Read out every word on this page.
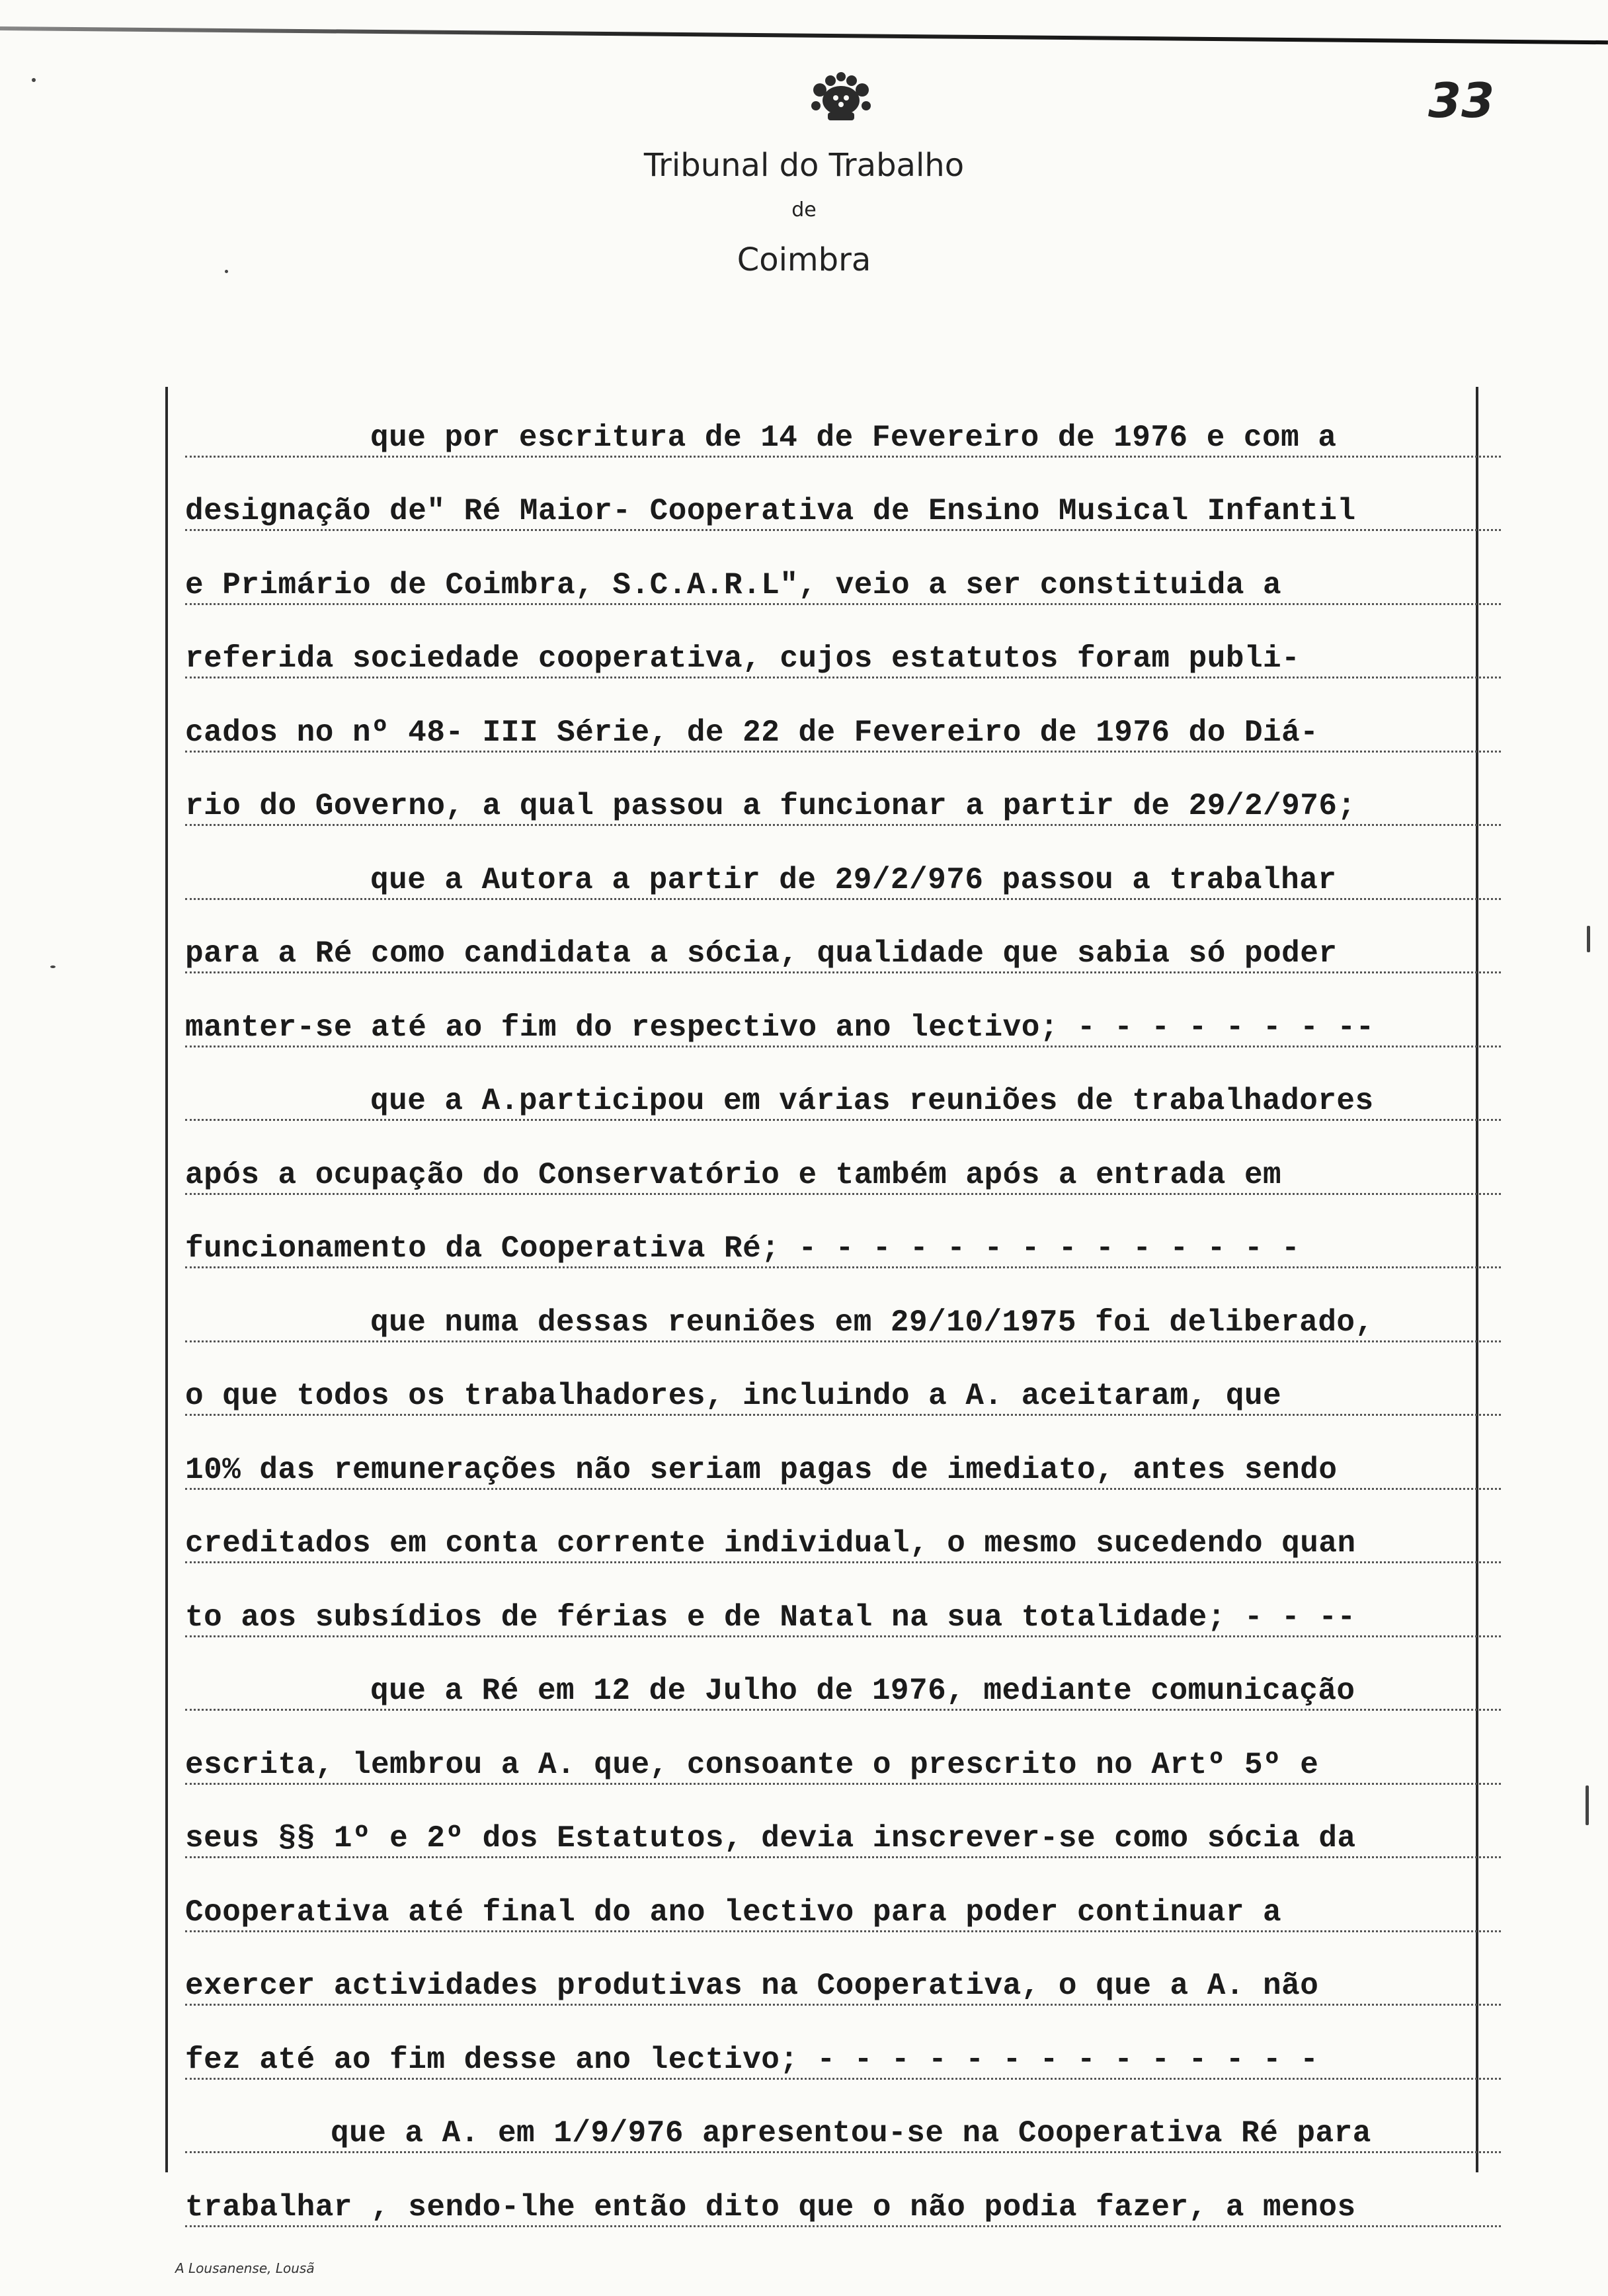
33
Tribunal do Trabalho
de
Coimbra
que por escritura de 14 de Fevereiro de 1976 e com a
designação de" Ré Maior- Cooperativa de Ensino Musical Infantil
e Primário de Coimbra, S.C.A.R.L", veio a ser constituida a
referida sociedade cooperativa, cujos estatutos foram publi-
cados no nº 48- III Série, de 22 de Fevereiro de 1976 do Diá-
rio do Governo, a qual passou a funcionar a partir de 29/2/976;
que a Autora a partir de 29/2/976 passou a trabalhar
para a Ré como candidata a sócia, qualidade que sabia só poder
manter-se até ao fim do respectivo ano lectivo; - - - - - - - --
que a A.participou em várias reuniões de trabalhadores
após a ocupação do Conservatório e também após a entrada em
funcionamento da Cooperativa Ré; - - - - - - - - - - - - - -
que numa dessas reuniões em 29/10/1975 foi deliberado,
o que todos os trabalhadores, incluindo a A. aceitaram, que
10% das remunerações não seriam pagas de imediato, antes sendo
creditados em conta corrente individual, o mesmo sucedendo quan
to aos subsídios de férias e de Natal na sua totalidade; - - --
que a Ré em 12 de Julho de 1976, mediante comunicação
escrita, lembrou a A. que, consoante o prescrito no Artº 5º e
seus §§ 1º e 2º dos Estatutos, devia inscrever-se como sócia da
Cooperativa até final do ano lectivo para poder continuar a
exercer actividades produtivas na Cooperativa, o que a A. não
fez até ao fim desse ano lectivo; - - - - - - - - - - - - - -
que a A. em 1/9/976 apresentou-se na Cooperativa Ré para
trabalhar , sendo-lhe então dito que o não podia fazer, a menos
A Lousanense, Lousã
